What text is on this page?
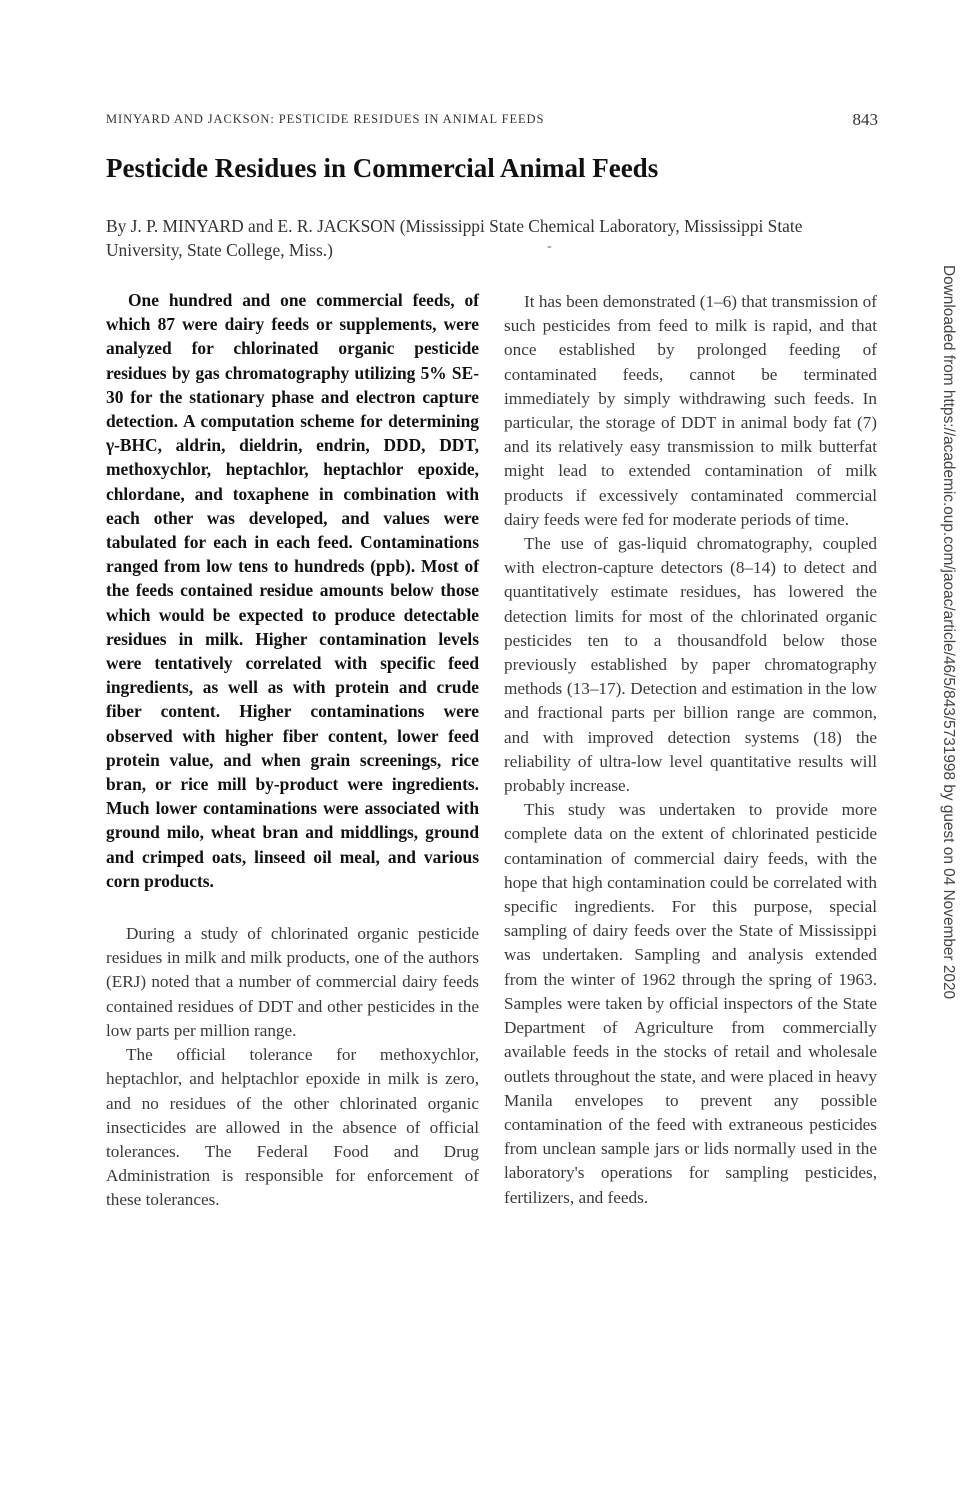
MINYARD AND JACKSON: PESTICIDE RESIDUES IN ANIMAL FEEDS	843
Pesticide Residues in Commercial Animal Feeds
By J. P. MINYARD and E. R. JACKSON (Mississippi State Chemical Laboratory, Mississippi State University, State College, Miss.)	-

One hundred and one commercial feeds, of which 87 were dairy feeds or supplements, were analyzed for chlorinated organic pesticide residues by gas chromatography utilizing 5% SE-30 for the stationary phase and electron capture detection. A computation scheme for determining γ-BHC, aldrin, dieldrin, endrin, DDD, DDT, methoxychlor, heptachlor, heptachlor epoxide, chlordane, and toxaphene in combination with each other was developed, and values were tabulated for each in each feed. Contaminations ranged from low tens to hundreds (ppb). Most of the feeds contained residue amounts below those which would be expected to produce detectable residues in milk. Higher contamination levels were tentatively correlated with specific feed ingredients, as well as with protein and crude fiber content. Higher contaminations were observed with higher fiber content, lower feed protein value, and when grain screenings, rice bran, or rice mill by-product were ingredients. Much lower contaminations were associated with ground milo, wheat bran and middlings, ground and crimped oats, linseed oil meal, and various corn products.

During a study of chlorinated organic pesticide residues in milk and milk products, one of the authors (ERJ) noted that a number of commercial dairy feeds contained residues of DDT and other pesticides in the low parts per million range.

The official tolerance for methoxychlor, heptachlor, and helptachlor epoxide in milk is zero, and no residues of the other chlorinated organic insecticides are allowed in the absence of official tolerances. The Federal Food and Drug Administration is responsible for enforcement of these tolerances.

It has been demonstrated (1–6) that transmission of such pesticides from feed to milk is rapid, and that once established by prolonged feeding of contaminated feeds, cannot be terminated immediately by simply withdrawing such feeds. In particular, the storage of DDT in animal body fat (7) and its relatively easy transmission to milk butterfat might lead to extended contamination of milk products if excessively contaminated commercial dairy feeds were fed for moderate periods of time.

The use of gas-liquid chromatography, coupled with electron-capture detectors (8–14) to detect and quantitatively estimate residues, has lowered the detection limits for most of the chlorinated organic pesticides ten to a thousandfold below those previously established by paper chromatography methods (13–17). Detection and estimation in the low and fractional parts per billion range are common, and with improved detection systems (18) the reliability of ultra-low level quantitative results will probably increase.

This study was undertaken to provide more complete data on the extent of chlorinated pesticide contamination of commercial dairy feeds, with the hope that high contamination could be correlated with specific ingredients. For this purpose, special sampling of dairy feeds over the State of Mississippi was undertaken. Sampling and analysis extended from the winter of 1962 through the spring of 1963. Samples were taken by official inspectors of the State Department of Agriculture from commercially available feeds in the stocks of retail and wholesale outlets throughout the state, and were placed in heavy Manila envelopes to prevent any possible contamination of the feed with extraneous pesticides from unclean sample jars or lids normally used in the laboratory's operations for sampling pesticides, fertilizers, and feeds.

Downloaded from https://academic.oup.com/jaoac/article/46/5/843/5731998 by guest on 04 November 2020
